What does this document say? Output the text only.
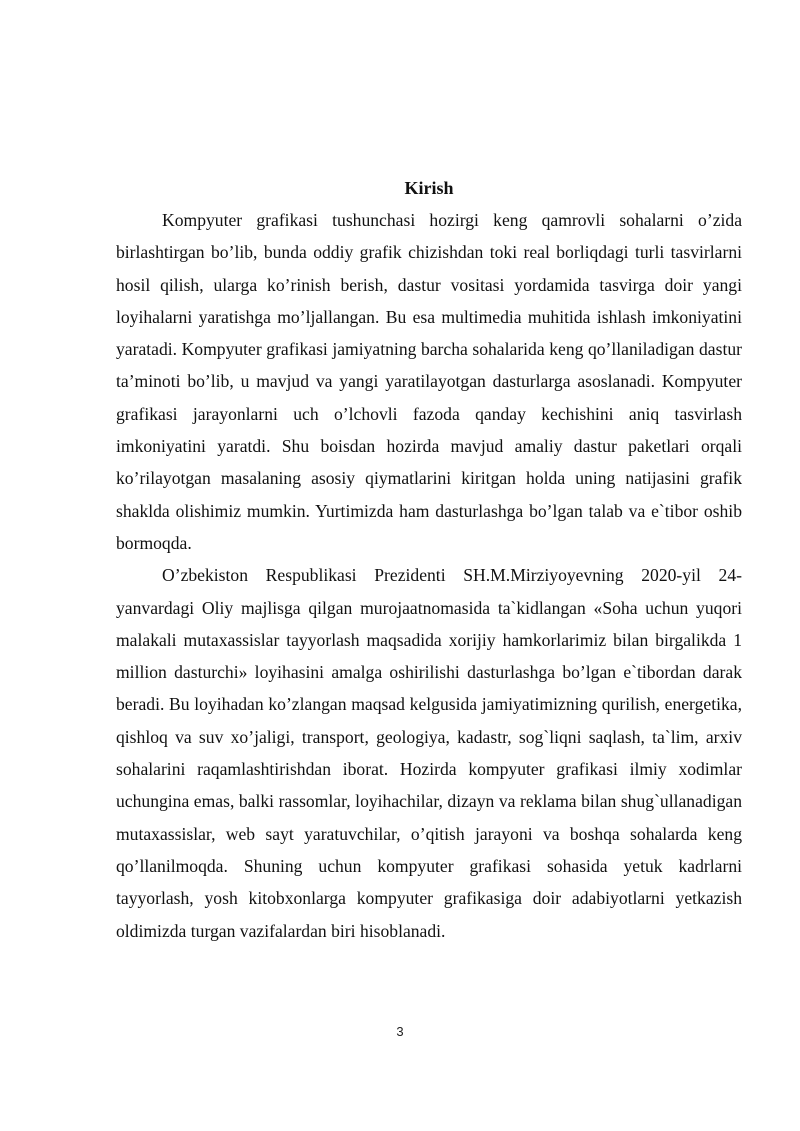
Kirish

Kompyuter grafikasi tushunchasi hozirgi keng qamrovli sohalarni o’zida birlashtirgan bo’lib, bunda oddiy grafik chizishdan toki real borliqdagi turli tasvirlarni hosil qilish, ularga ko’rinish berish, dastur vositasi yordamida tasvirga doir yangi loyihalarni yaratishga mo’ljallangan. Bu esa multimedia muhitida ishlash imkoniyatini yaratadi. Kompyuter grafikasi jamiyatning barcha sohalarida keng qo’llaniladigan dastur ta’minoti bo’lib, u mavjud va yangi yaratilayotgan dasturlarga asoslanadi. Kompyuter grafikasi jarayonlarni uch o’lchovli fazoda qanday kechishini aniq tasvirlash imkoniyatini yaratdi. Shu boisdan hozirda mavjud amaliy dastur paketlari orqali ko’rilayotgan masalaning asosiy qiymatlarini kiritgan holda uning natijasini grafik shaklda olishimiz mumkin. Yurtimizda ham dasturlashga bo’lgan talab va e`tibor oshib bormoqda.

O’zbekiston Respublikasi Prezidenti SH.M.Mirziyoyevning 2020-yil 24-yanvardagi Oliy majlisga qilgan murojaatnomasida ta`kidlangan «Soha uchun yuqori malakali mutaxassislar tayyorlash maqsadida xorijiy hamkorlarimiz bilan birgalikda 1 million dasturchi» loyihasini amalga oshirilishi dasturlashga bo’lgan e`tibordan darak beradi. Bu loyihadan ko’zlangan maqsad kelgusida jamiyatimizning qurilish, energetika, qishloq va suv xo’jaligi, transport, geologiya, kadastr, sog`liqni saqlash, ta`lim, arxiv sohalarini raqamlashtirishdan iborat. Hozirda kompyuter grafikasi ilmiy xodimlar uchungina emas, balki rassomlar, loyihachilar, dizayn va reklama bilan shug`ullanadigan mutaxassislar, web sayt yaratuvchilar, o’qitish jarayoni va boshqa sohalarda keng qo’llanilmoqda. Shuning uchun kompyuter grafikasi sohasida yetuk kadrlarni tayyorlash, yosh kitobxonlarga kompyuter grafikasiga doir adabiyotlarni yetkazish oldimizda turgan vazifalardan biri hisoblanadi.

3
